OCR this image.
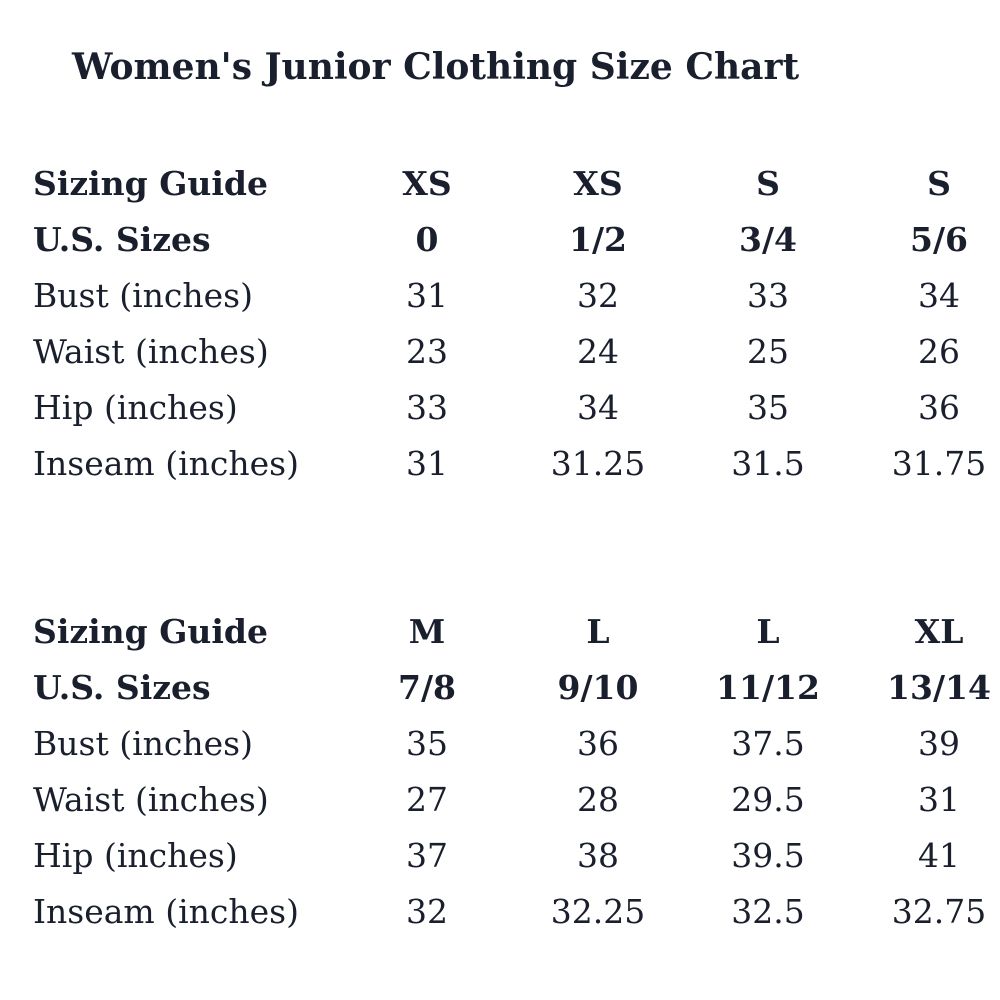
Women's Junior Clothing Size Chart
Sizing Guide	XS	XS	S	S
U.S. Sizes	0	1/2	3/4	5/6
Bust (inches)	31	32	33	34
Waist (inches)	23	24	25	26
Hip (inches)	33	34	35	36
Inseam (inches)	31	31.25	31.5	31.75
Sizing Guide	M	L	L	XL
U.S. Sizes	7/8	9/10	11/12	13/14
Bust (inches)	35	36	37.5	39
Waist (inches)	27	28	29.5	31
Hip (inches)	37	38	39.5	41
Inseam (inches)	32	32.25	32.5	32.75
